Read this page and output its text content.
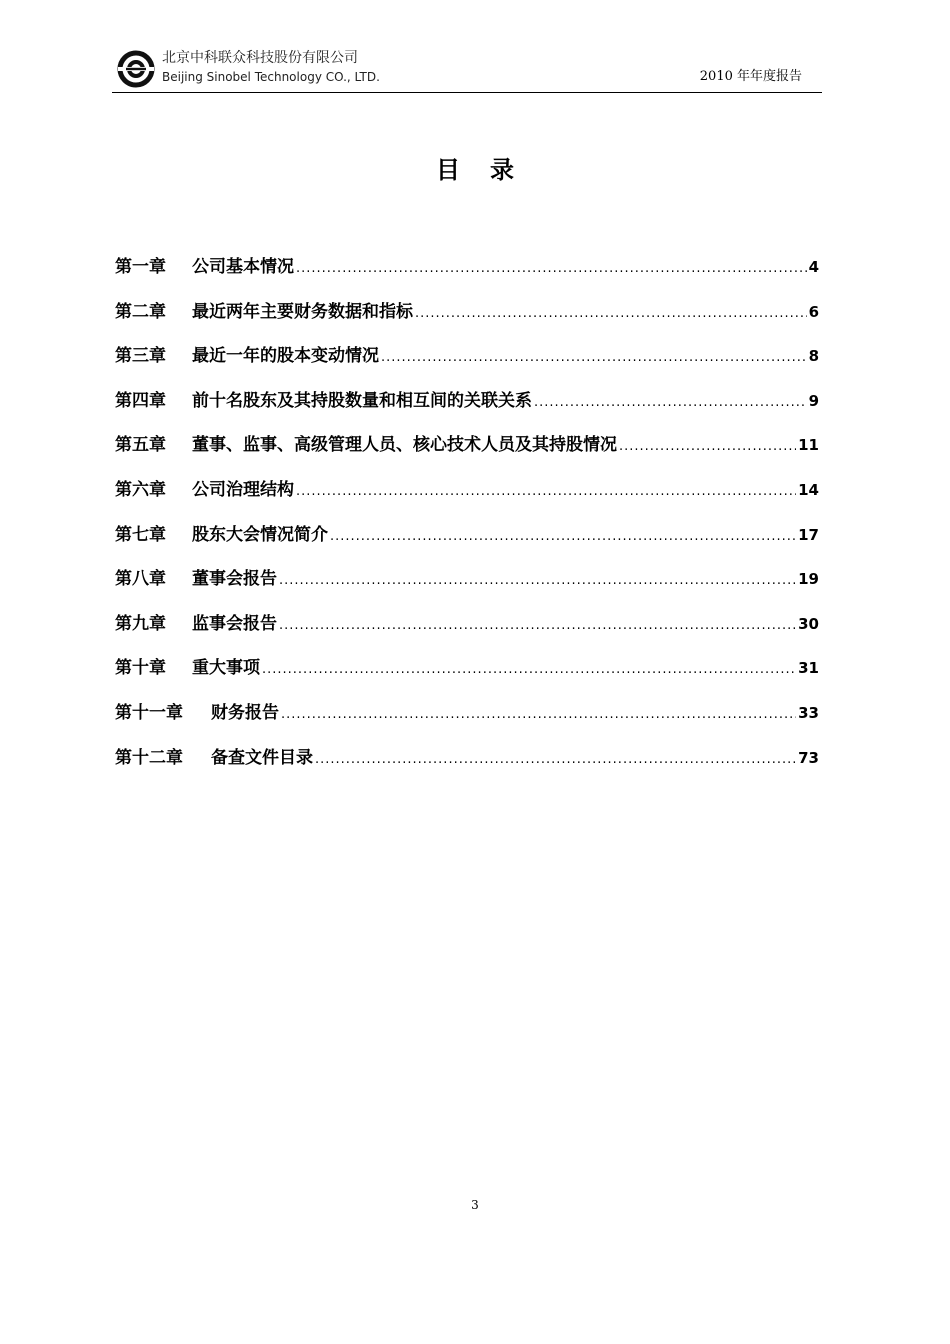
北京中科联众科技股份有限公司
Beijing Sinobel Technology CO., LTD.	2010 年年度报告
目录
第一章	公司基本情况 .....	4
第二章	最近两年主要财务数据和指标 .....	6
第三章	最近一年的股本变动情况 .....	8
第四章	前十名股东及其持股数量和相互间的关联关系 .....	9
第五章	董事、监事、高级管理人员、核心技术人员及其持股情况 .....	11
第六章	公司治理结构 .....	14
第七章	股东大会情况简介 .....	17
第八章	董事会报告 .....	19
第九章	监事会报告 .....	30
第十章	重大事项 .....	31
第十一章	财务报告 .....	33
第十二章	备查文件目录 .....	73
3
